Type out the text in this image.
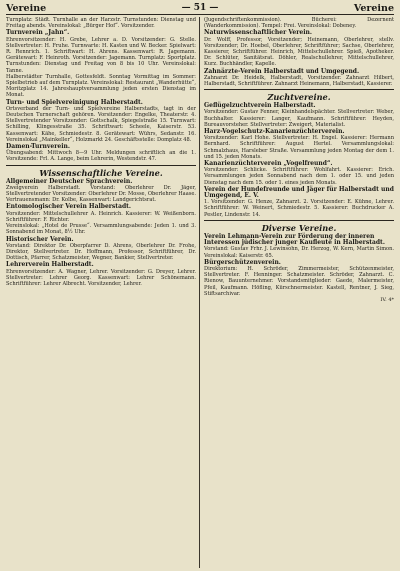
Vereine	— 51 —	Vereine
Turnplatz: Städt. Turnhalle an der Harzstr. Turnstunden: Dienstag und Freitag abends. Vereinslokal: „Bürger Hof“. Vorsitzender.
Turnverein „Jahn“.
Ehrenvorsitzender: H. Grebe, Lehrer a. D. Vorsitzender: G. Stelle. Stellvertreter: H. Fruhe. Turnwarte: H. Kasten und W. Becker. Spielwart: R. Rennrich. 1. Schriftwart: H. Ahrens. Kassenwart: R. Jagemann. Gerätewart: F. Heinroth. Vorsitzender: Jagemann. Turnplatz: Sportplatz. Turnstunden: Dienstag und Freitag von 8 bis 10 Uhr. Vereinslokal: Tanne.
Halberstädter Turnhalle, Gottesfeldt. Sonntag Vormittag im Sommer: Spielbetrieb auf dem Turnplatz. Vereinslokal: Restaurant „Wanderhütte“, Moritzplatz 14. Jahreshauptversammlung jeden ersten Dienstag im Monat.
Turn- und Spielvereinigung Halberstadt.
Ortsverband der Turn- und Spielvereine Halberstadts, tagt in der Deutschen Turnerschaft gehören. Vorsitzender: Engelke, Theaterstr. 4. Stellvertretender Vorsitzender: Gottschalk, Spiegelstraße 15. Turnwart: Schilling, Klingesstraße 35. Schriftwart: Scheele, Kaiserstr. 53. Kassenwart: Kähe, Schmiedestr. 8. Gerätewart: Wührs, Sedanstr. 16. Vereinslokal „Mainkeller“, Holzmarkt 24. Geschäftsstelle: Domplatz 48.
Damen-Turnverein.
Übungsabend: Mittwoch 8—9 Uhr. Meldungen schriftlich an die 1. Vorsitzende: Frl. A. Lange, beim Lehrerin, Westendstr. 47.
Wissenschaftliche Vereine.
Allgemeiner Deutscher Sprachverein.
Zweigverein Halberstadt. Vorstand: Oberlehrer Dr. Jäger, Stellvertretender Vorsitzender: Oberlehrer Dr. Mosse, Oberlehrer Haase. Vertrauensmann: Dr. Kolbe, Kassenwart: Landgerichtsrat.
Entomologischer Verein Halberstadt.
Vorsitzender: Mittelschullehrer A. Heinrich. Kassierer: W. Weißenborn. Schriftführer: F. Richter.
Vereinslokal: „Hotel de Prusse“. Versammlungsabende: Jeden 1. und 3. Sonnabend im Monat, 8½ Uhr.
Historischer Verein.
Vorstand: Direktor Dr. Oberpfarrer D. Ahrens, Oberlehrer Dr. Frohe, Direktor, Stellvertreter. Dr. Hoffmann, Professor, Schriftführer, Dr. Dottisch, Pfarrer, Schatzmeister, Wegner, Bankier, Stellvertreter.
Lehrerverein Halberstadt.
Ehrenvorsitzender: A. Wagner, Lehrer. Vorsitzender: G. Dreyer, Lehrer. Stellvertreter: Lehrer Georg. Kassenwart: Lehrer Schönemann. Schriftführer: Lehrer Albrecht. Vorsitzender, Lehrer.
(Jugendschriftenkommission). Bücherei: Dezernent (Wanderkommission). Tempel: Frei. Vereinslokal: Dobeney.
Naturwissenschaftlicher Verein.
Dr. Wolff, Professor, Vorsitzender; Heinemann, Oberlehrer, stellv. Vorsitzender; Dr. Hoebel, Oberlehrer, Schriftführer; Sachse, Oberlehrer, Kassierer, Schriftführer. Heinrich, Mittelschullehrer. Spieß, Apotheker. Dr. Schlüter, Sanitätsrat. Döhler, Realschullehrer, Mittelschullehrer, Kurz. Buchhändler, Kapelle.
Zahnärzte-Verein Halberstadt und Umgegend.
Zahnarzt Dr. Heidelk, Halberstadt, Vorsitzender. Zahnarzt Hilbert, Halberstadt, Schriftführer. Zahnarzt Heinemann, Halberstadt, Kassierer.
Zuchtvereine.
Geflügelzuchtverein Halberstadt.
Vorsitzender: Gustav Fenner, Kleinhandelspächter. Stellvertreter: Weber, Buchhalter. Kassierer: Langer, Kaufmann. Schriftführer: Heyden, Bureauvorsteher. Stellvertreter: Zweigert, Materialist.
Harz-Vogelschutz-Kanarienzüchterverein.
Vorsitzender: Karl Hohe. Stellvertreter: H. Engel. Kassierer: Hermann Bernhard. Schriftführer: August Hertel. Versammlungslokal: Schmalzhaus, Harsleber Straße. Versammlung jeden Montag der dem 1. und 15. jeden Monats.
Kanarienzüchterverein „Vogelfreund“.
Vorsitzender: Schlicke. Schriftführer: Wohlfahrt. Kassierer: Erich. Versammlungen jeden Sonnabend nach dem 1. oder 15. und jeden Dienstag nach dem 15. oder 1. eines jeden Monats.
Verein der Hundefreunde und Jäger für Halberstadt und Umgegend, E. V.
1. Vorsitzender: G. Henze, Zahnarzt. 2. Vorsitzender: E. Kühne, Lehrer. Schriftführer: W. Weinert, Schmiedestr. 5. Kassierer: Buchdrucker A. Pestler, Lindenstr. 14.
Diverse Vereine.
Verein Lehmann-Verein zur Förderung der inneren Interessen jüdischer junger Kaufleute in Halberstadt.
Vorstand: Gustav Frhr. J. Lewinsohn, Dr. Herzog, W. Kern, Martin Simon. Vereinslokal: Kaiserstr. 65.
Bürgerschützenverein.
Direktorium: H. Schröder, Zimmermeister, Schützenmeister, Stellvertreter. F. Henninger. Schatzmeister. Schröder, Zahnarzt. C. Rienow, Bauunternehmer. Vorstandsmitglieder: Gaede, Malermeister, Pfeil, Kaufmann. Höfling, Kürschnermeister. Kastell, Rentner, J. Sieg, Stiftsarchivar.
IV. 4*
